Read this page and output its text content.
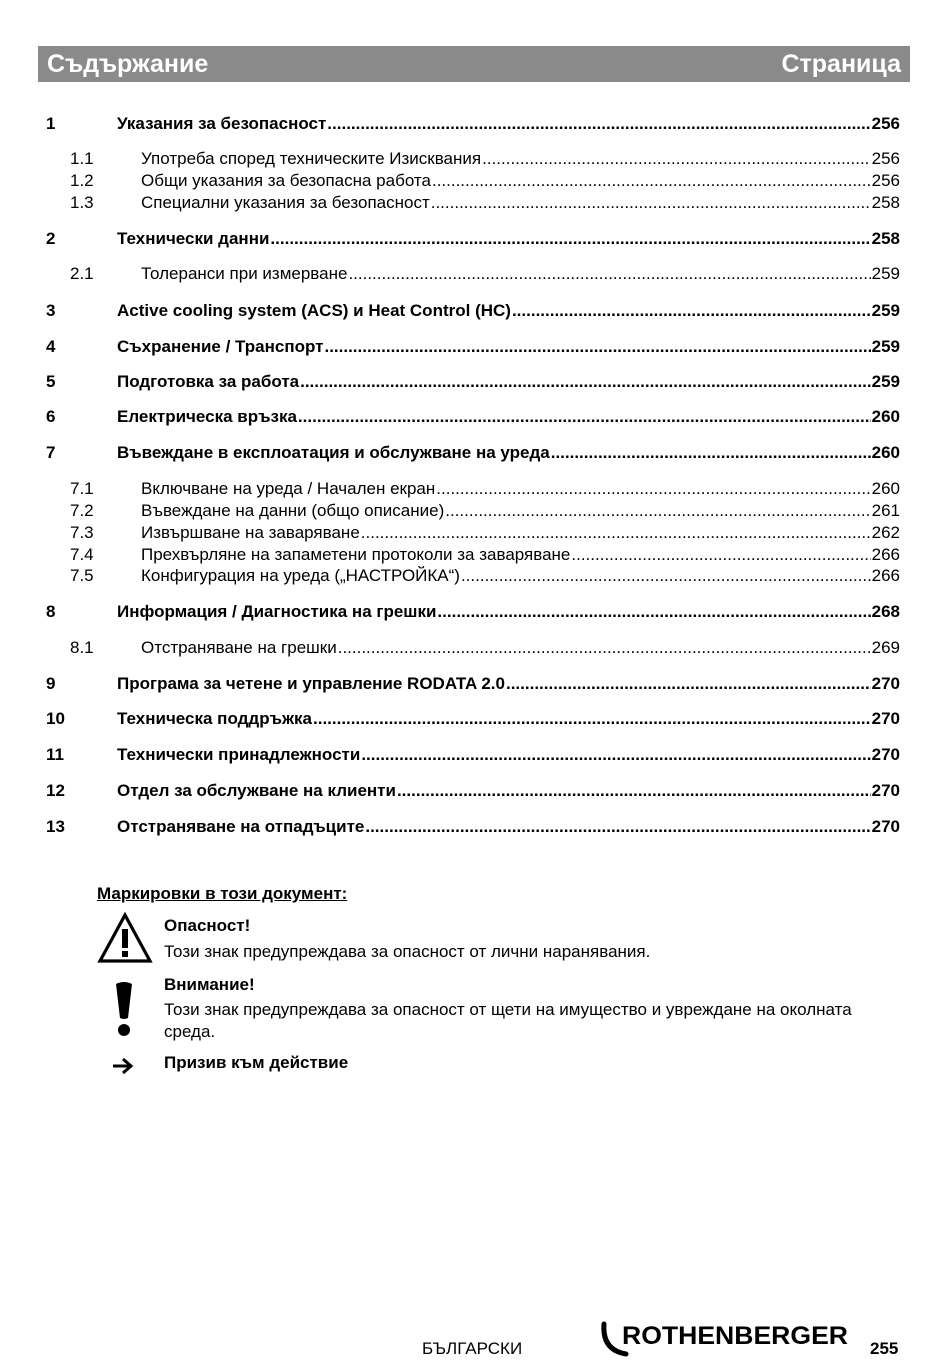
Съдържание	Страница
1	Указания за безопасност .....	256
1.1	Употреба според техническите Изисквания .....	256
1.2	Общи указания за безопасна работа .....	256
1.3	Специални указания за безопасност .....	258
2	Технически данни .....	258
2.1	Толеранси при измерване .....	259
3	Active cooling system (ACS) и Heat Control (HC) .....	259
4	Съхранение / Транспорт .....	259
5	Подготовка за работа .....	259
6	Електрическа връзка .....	260
7	Въвеждане в експлоатация и обслужване на уреда .....	260
7.1	Включване на уреда / Начален екран .....	260
7.2	Въвеждане на данни (общо описание) .....	261
7.3	Извършване на заваряване .....	262
7.4	Прехвърляне на запаметени протоколи за заваряване .....	266
7.5	Конфигурация на уреда („НАСТРОЙКА“) .....	266
8	Информация / Диагностика на грешки .....	268
8.1	Отстраняване на грешки .....	269
9	Програма за четене и управление RODATA 2.0 .....	270
10	Техническа поддръжка .....	270
11	Технически принадлежности .....	270
12	Отдел за обслужване на клиенти .....	270
13	Отстраняване на отпадъците .....	270
Маркировки в този документ:
Опасност!
Този знак предупреждава за опасност от лични наранявания.
Внимание!
Този знак предупреждава за опасност от щети на имущество и увреждане на околната среда.
Призив към действие
БЪЛГАРСКИ	ROTHENBERGER 255
